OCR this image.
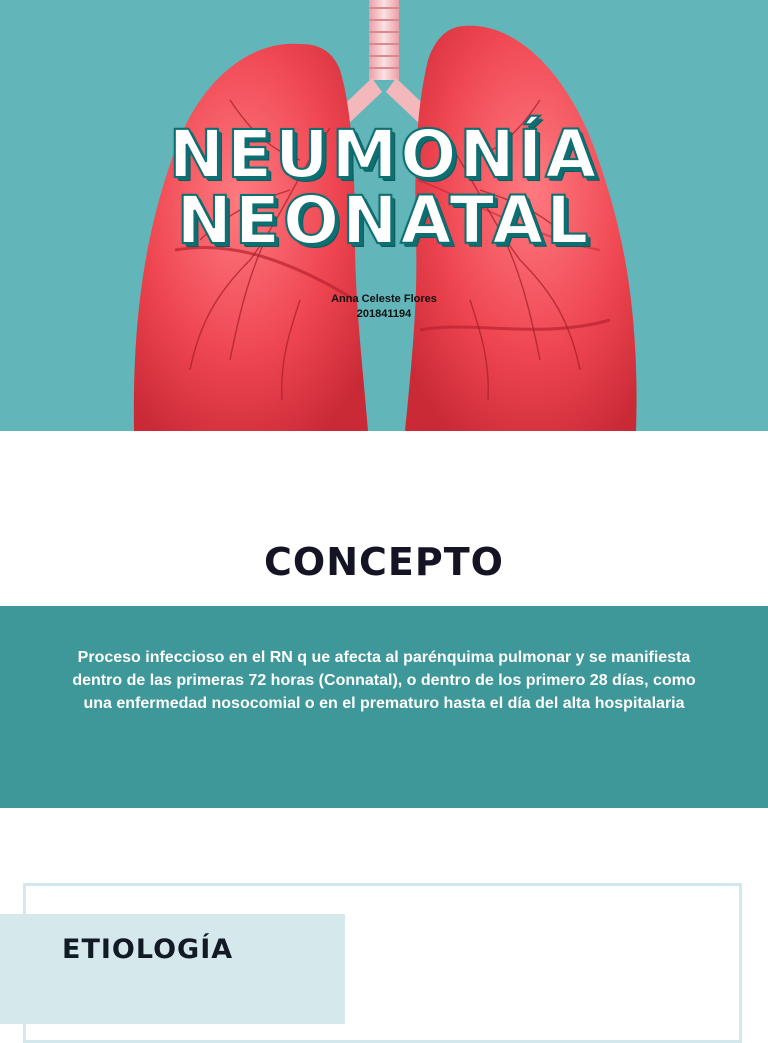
NEUMONÍA
NEONATAL
Anna Celeste Flores
201841194
CONCEPTO
Proceso infeccioso en el RN q ue afecta al parénquima pulmonar y se manifiesta dentro de las primeras 72 horas (Connatal), o dentro de los primero 28 días, como una enfermedad nosocomial o en el prematuro hasta el día del alta hospitalaria
ETIOLOGÍA
